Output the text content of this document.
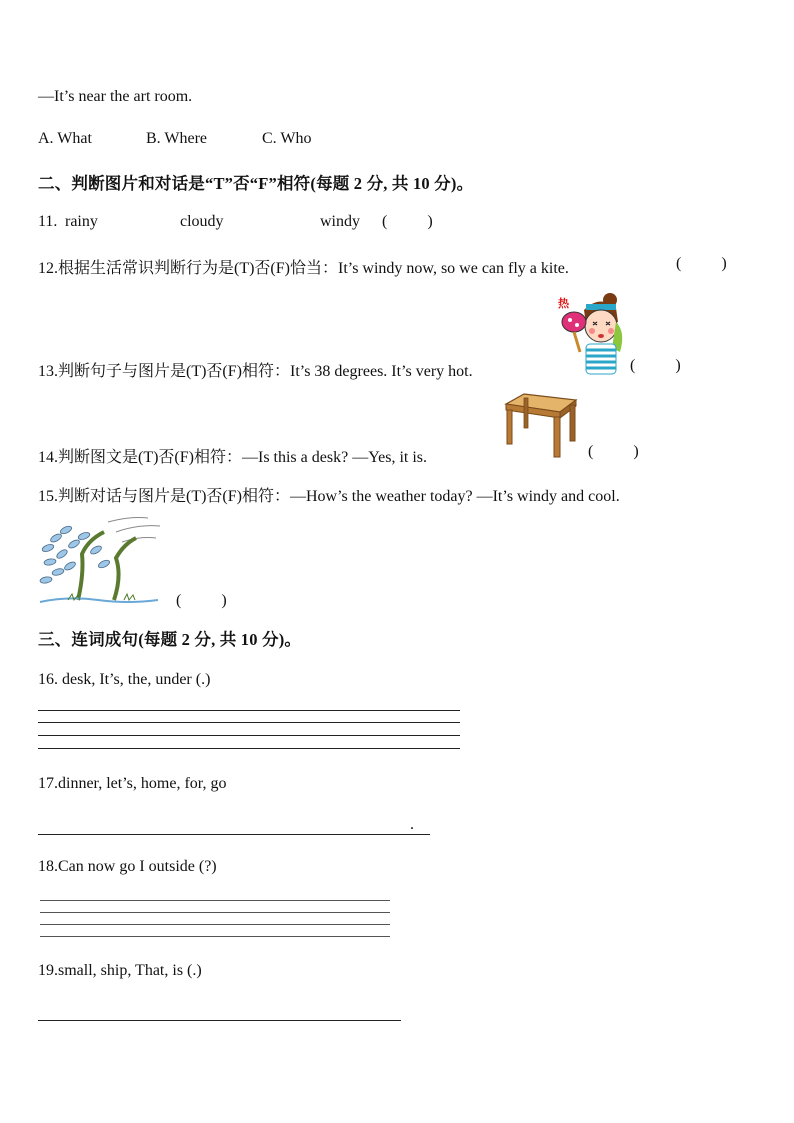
—It’s near the art room.
A. What	B. Where	C. Who
二、判断图片和对话是“T”否“F”相符(每题 2 分, 共 10 分)。
11. rainy	cloudy	windy (          )
12.根据生活常识判断行为是(T)否(F)恰当：It’s windy now, so we can fly a kite.	(          )
热
13.判断句子与图片是(T)否(F)相符：It’s 38 degrees. It’s very hot.	(          )
14.判断图文是(T)否(F)相符：—Is this a desk? —Yes, it is.	(          )
15.判断对话与图片是(T)否(F)相符：—How’s the weather today? —It’s windy and cool.
(          )
三、连词成句(每题 2 分, 共 10 分)。
16. desk, It’s, the, under (.)
17.dinner, let’s, home, for, go
.
18.Can now go I outside (?)
19.small, ship, That, is (.)
